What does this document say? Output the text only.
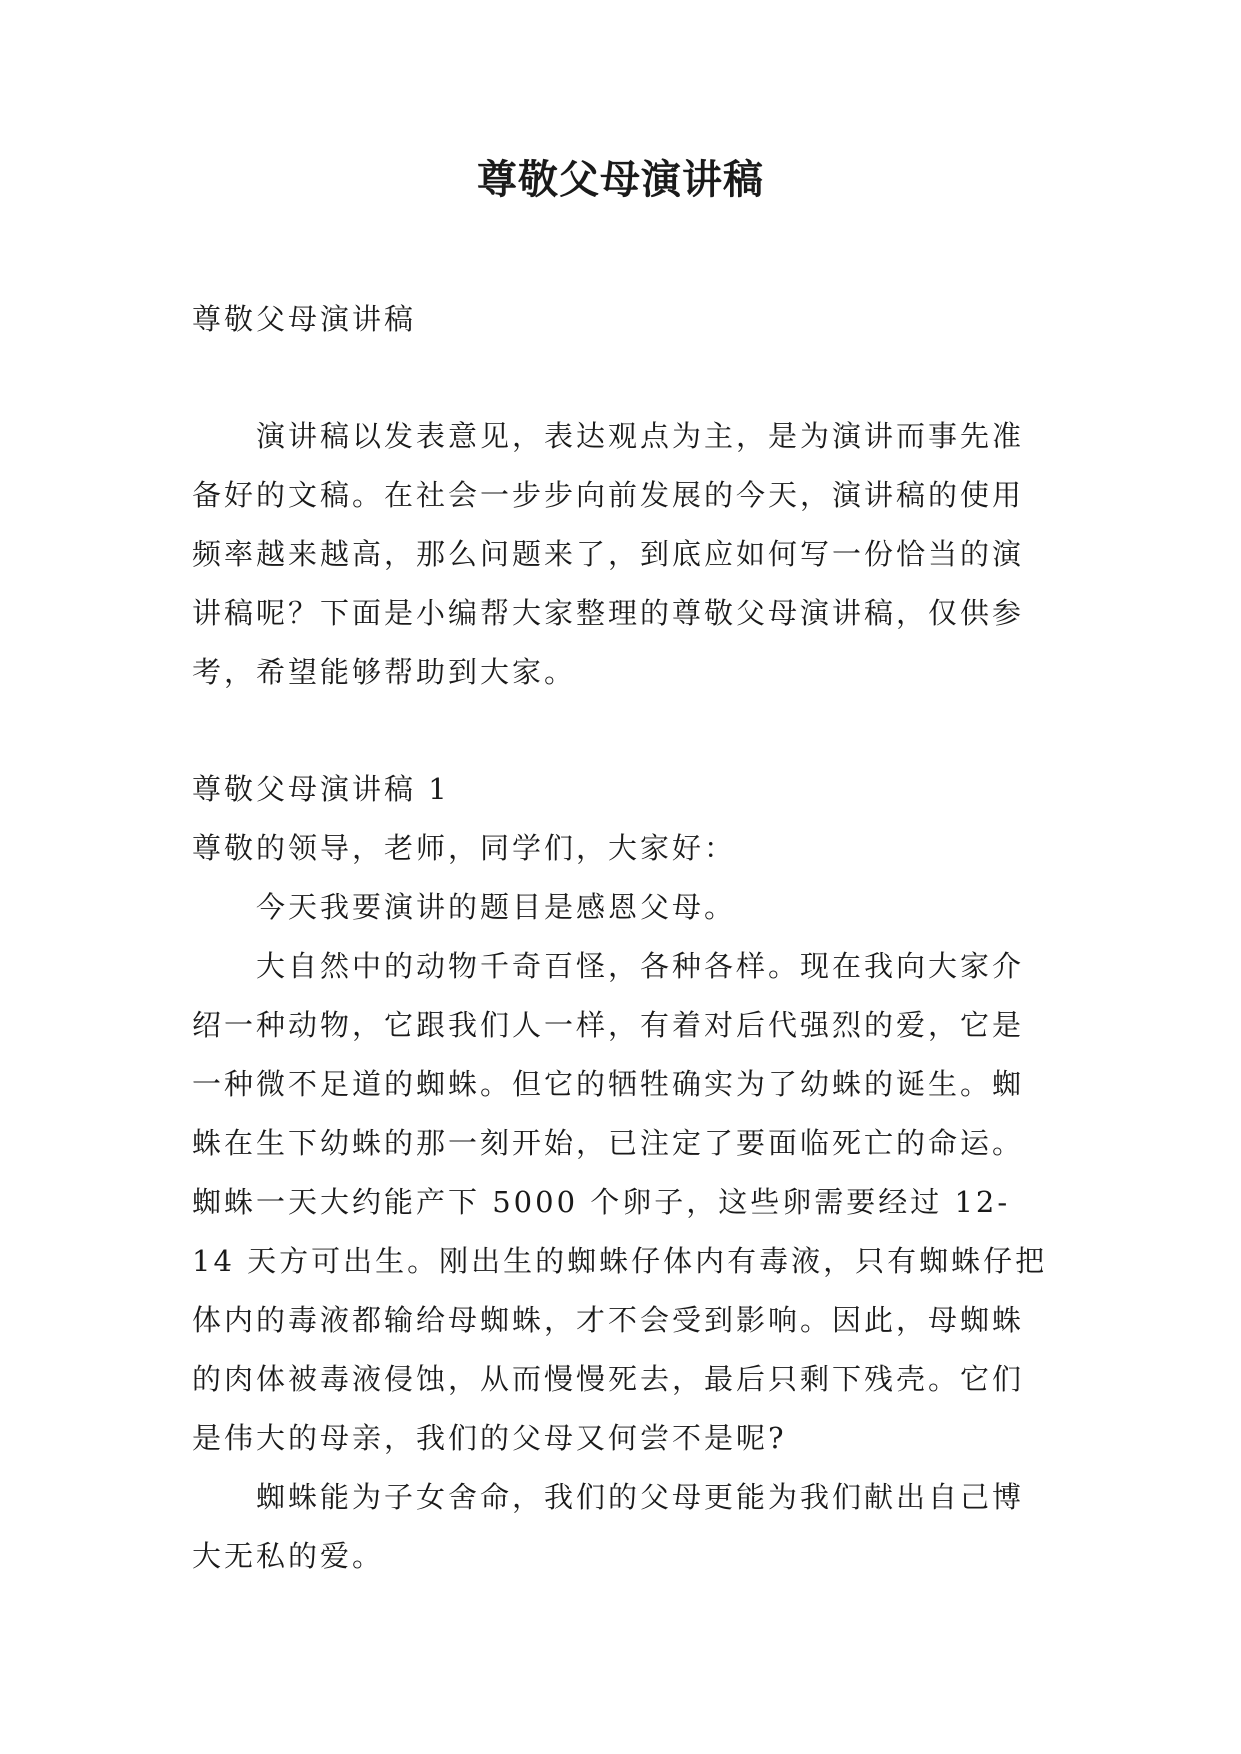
尊敬父母演讲稿

尊敬父母演讲稿

演讲稿以发表意见，表达观点为主，是为演讲而事先准备好的文稿。在社会一步步向前发展的今天，演讲稿的使用频率越来越高，那么问题来了，到底应如何写一份恰当的演讲稿呢？下面是小编帮大家整理的尊敬父母演讲稿，仅供参考，希望能够帮助到大家。

尊敬父母演讲稿 1

尊敬的领导，老师，同学们，大家好：

今天我要演讲的题目是感恩父母。

大自然中的动物千奇百怪，各种各样。现在我向大家介绍一种动物，它跟我们人一样，有着对后代强烈的爱，它是一种微不足道的蜘蛛。但它的牺牲确实为了幼蛛的诞生。蜘蛛在生下幼蛛的那一刻开始，已注定了要面临死亡的命运。蜘蛛一天大约能产下 5000 个卵子，这些卵需要经过 12-14 天方可出生。刚出生的蜘蛛仔体内有毒液，只有蜘蛛仔把体内的毒液都输给母蜘蛛，才不会受到影响。因此，母蜘蛛的肉体被毒液侵蚀，从而慢慢死去，最后只剩下残壳。它们是伟大的母亲，我们的父母又何尝不是呢?

蜘蛛能为子女舍命，我们的父母更能为我们献出自己博大无私的爱。
